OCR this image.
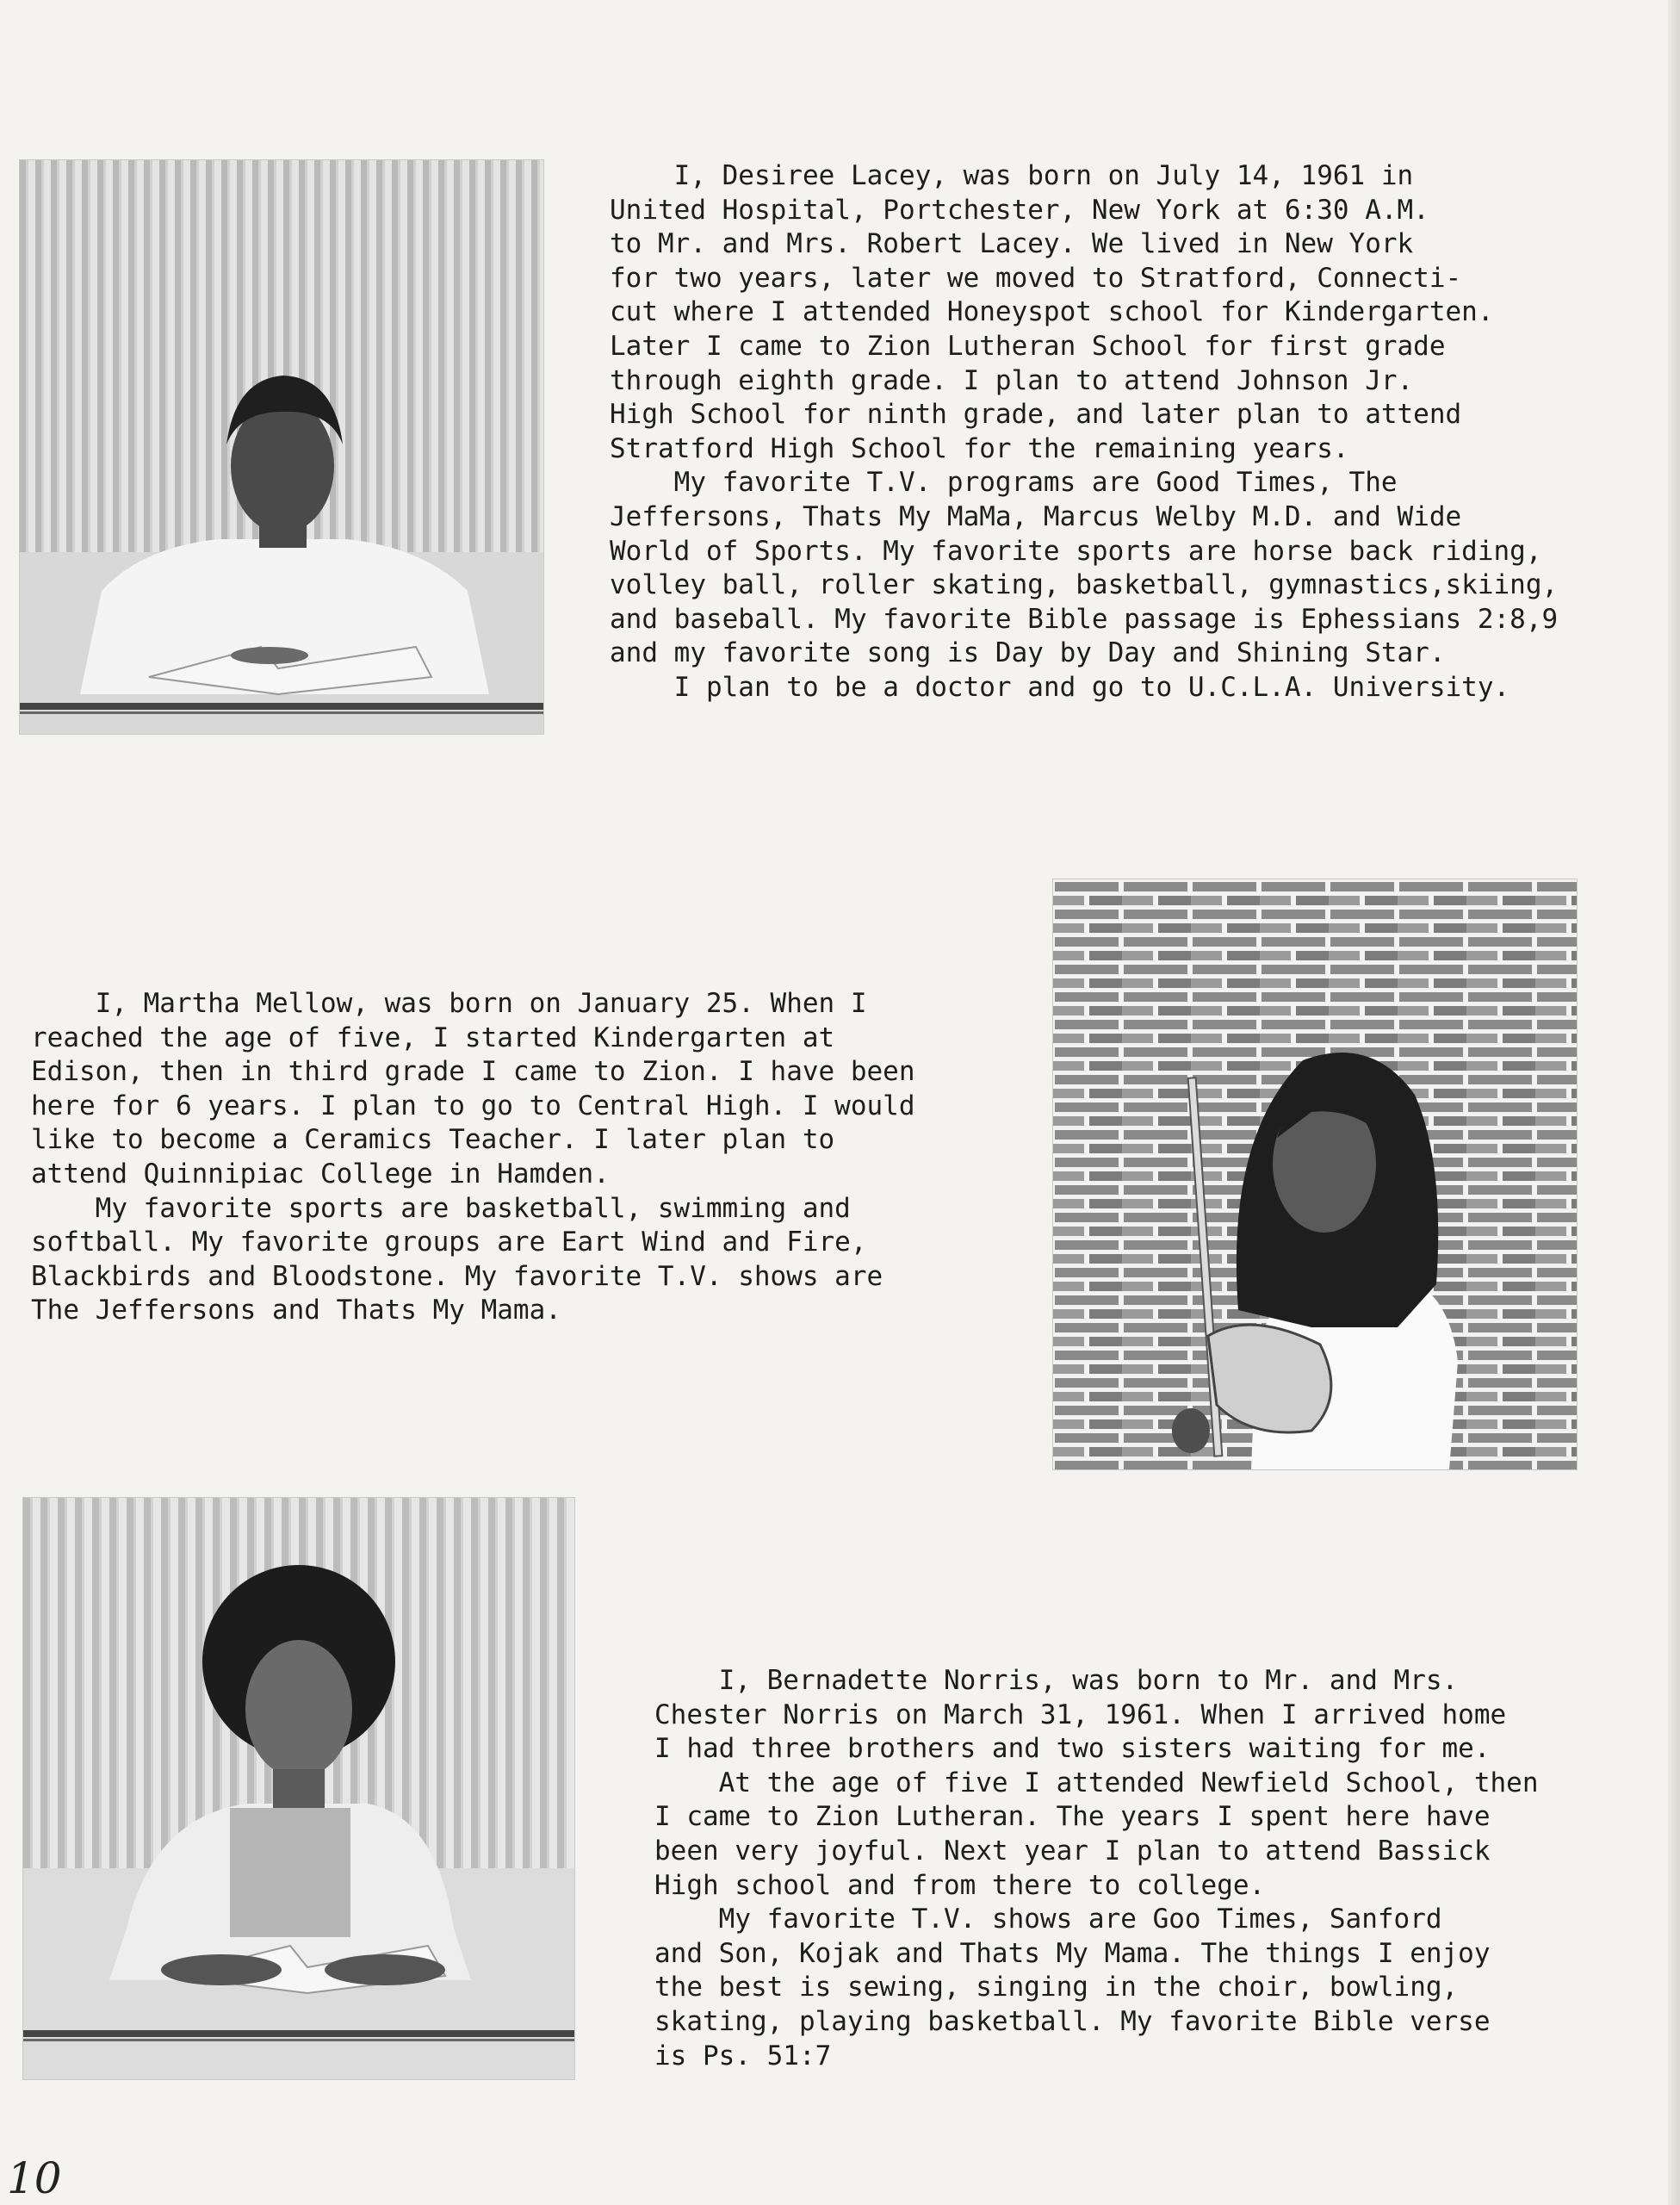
I, Desiree Lacey, was born on July 14, 1961 in
United Hospital, Portchester, New York at 6:30 A.M.
to Mr. and Mrs. Robert Lacey. We lived in New York
for two years, later we moved to Stratford, Connecti-
cut where I attended Honeyspot school for Kindergarten.
Later I came to Zion Lutheran School for first grade
through eighth grade. I plan to attend Johnson Jr.
High School for ninth grade, and later plan to attend
Stratford High School for the remaining years.
My favorite T.V. programs are Good Times, The
Jeffersons, Thats My MaMa, Marcus Welby M.D. and Wide
World of Sports. My favorite sports are horse back riding,
volley ball, roller skating, basketball, gymnastics,skiing,
and baseball. My favorite Bible passage is Ephessians 2:8,9
and my favorite song is Day by Day and Shining Star.
I plan to be a doctor and go to U.C.L.A. University.
I, Martha Mellow, was born on January 25. When I
reached the age of five, I started Kindergarten at
Edison, then in third grade I came to Zion. I have been
here for 6 years. I plan to go to Central High. I would
like to become a Ceramics Teacher. I later plan to
attend Quinnipiac College in Hamden.
My favorite sports are basketball, swimming and
softball. My favorite groups are Eart Wind and Fire,
Blackbirds and Bloodstone. My favorite T.V. shows are
The Jeffersons and Thats My Mama.
I, Bernadette Norris, was born to Mr. and Mrs.
Chester Norris on March 31, 1961. When I arrived home
I had three brothers and two sisters waiting for me.
At the age of five I attended Newfield School, then
I came to Zion Lutheran. The years I spent here have
been very joyful. Next year I plan to attend Bassick
High school and from there to college.
My favorite T.V. shows are Goo Times, Sanford
and Son, Kojak and Thats My Mama. The things I enjoy
the best is sewing, singing in the choir, bowling,
skating, playing basketball. My favorite Bible verse
is Ps. 51:7
10
